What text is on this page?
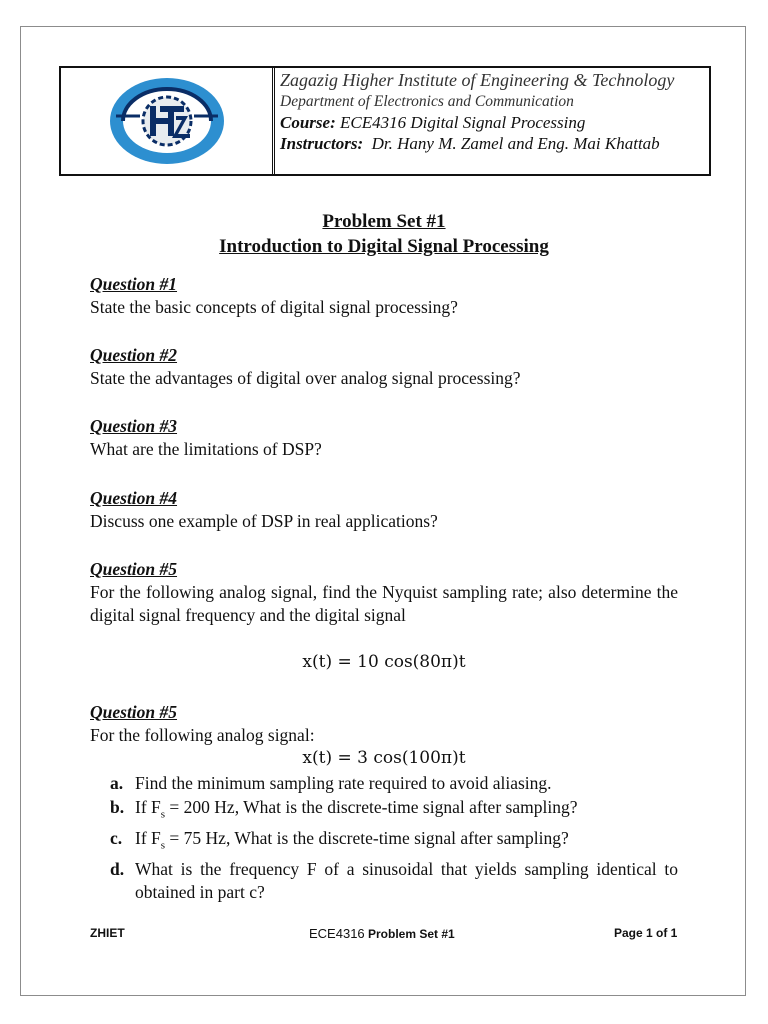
Zagazig Higher Institute of Engineering & Technology
Department of Electronics and Communication
Course: ECE4316 Digital Signal Processing
Instructors: Dr. Hany M. Zamel and Eng. Mai Khattab
Problem Set #1
Introduction to Digital Signal Processing
Question #1
State the basic concepts of digital signal processing?
Question #2
State the advantages of digital over analog signal processing?
Question #3
What are the limitations of DSP?
Question #4
Discuss one example of DSP in real applications?
Question #5
For the following analog signal, find the Nyquist sampling rate; also determine the digital signal frequency and the digital signal
x(t) = 10 cos(80π)t
Question #5
For the following analog signal:
x(t) = 3 cos(100π)t
a. Find the minimum sampling rate required to avoid aliasing.
b. If $F_s = 200$ Hz, What is the discrete-time signal after sampling?
c. If $F_s = 75$ Hz, What is the discrete-time signal after sampling?
d. What is the frequency F of a sinusoidal that yields sampling identical to obtained in part c?
ZHIET	ECE4316 Problem Set #1	Page 1 of 1
